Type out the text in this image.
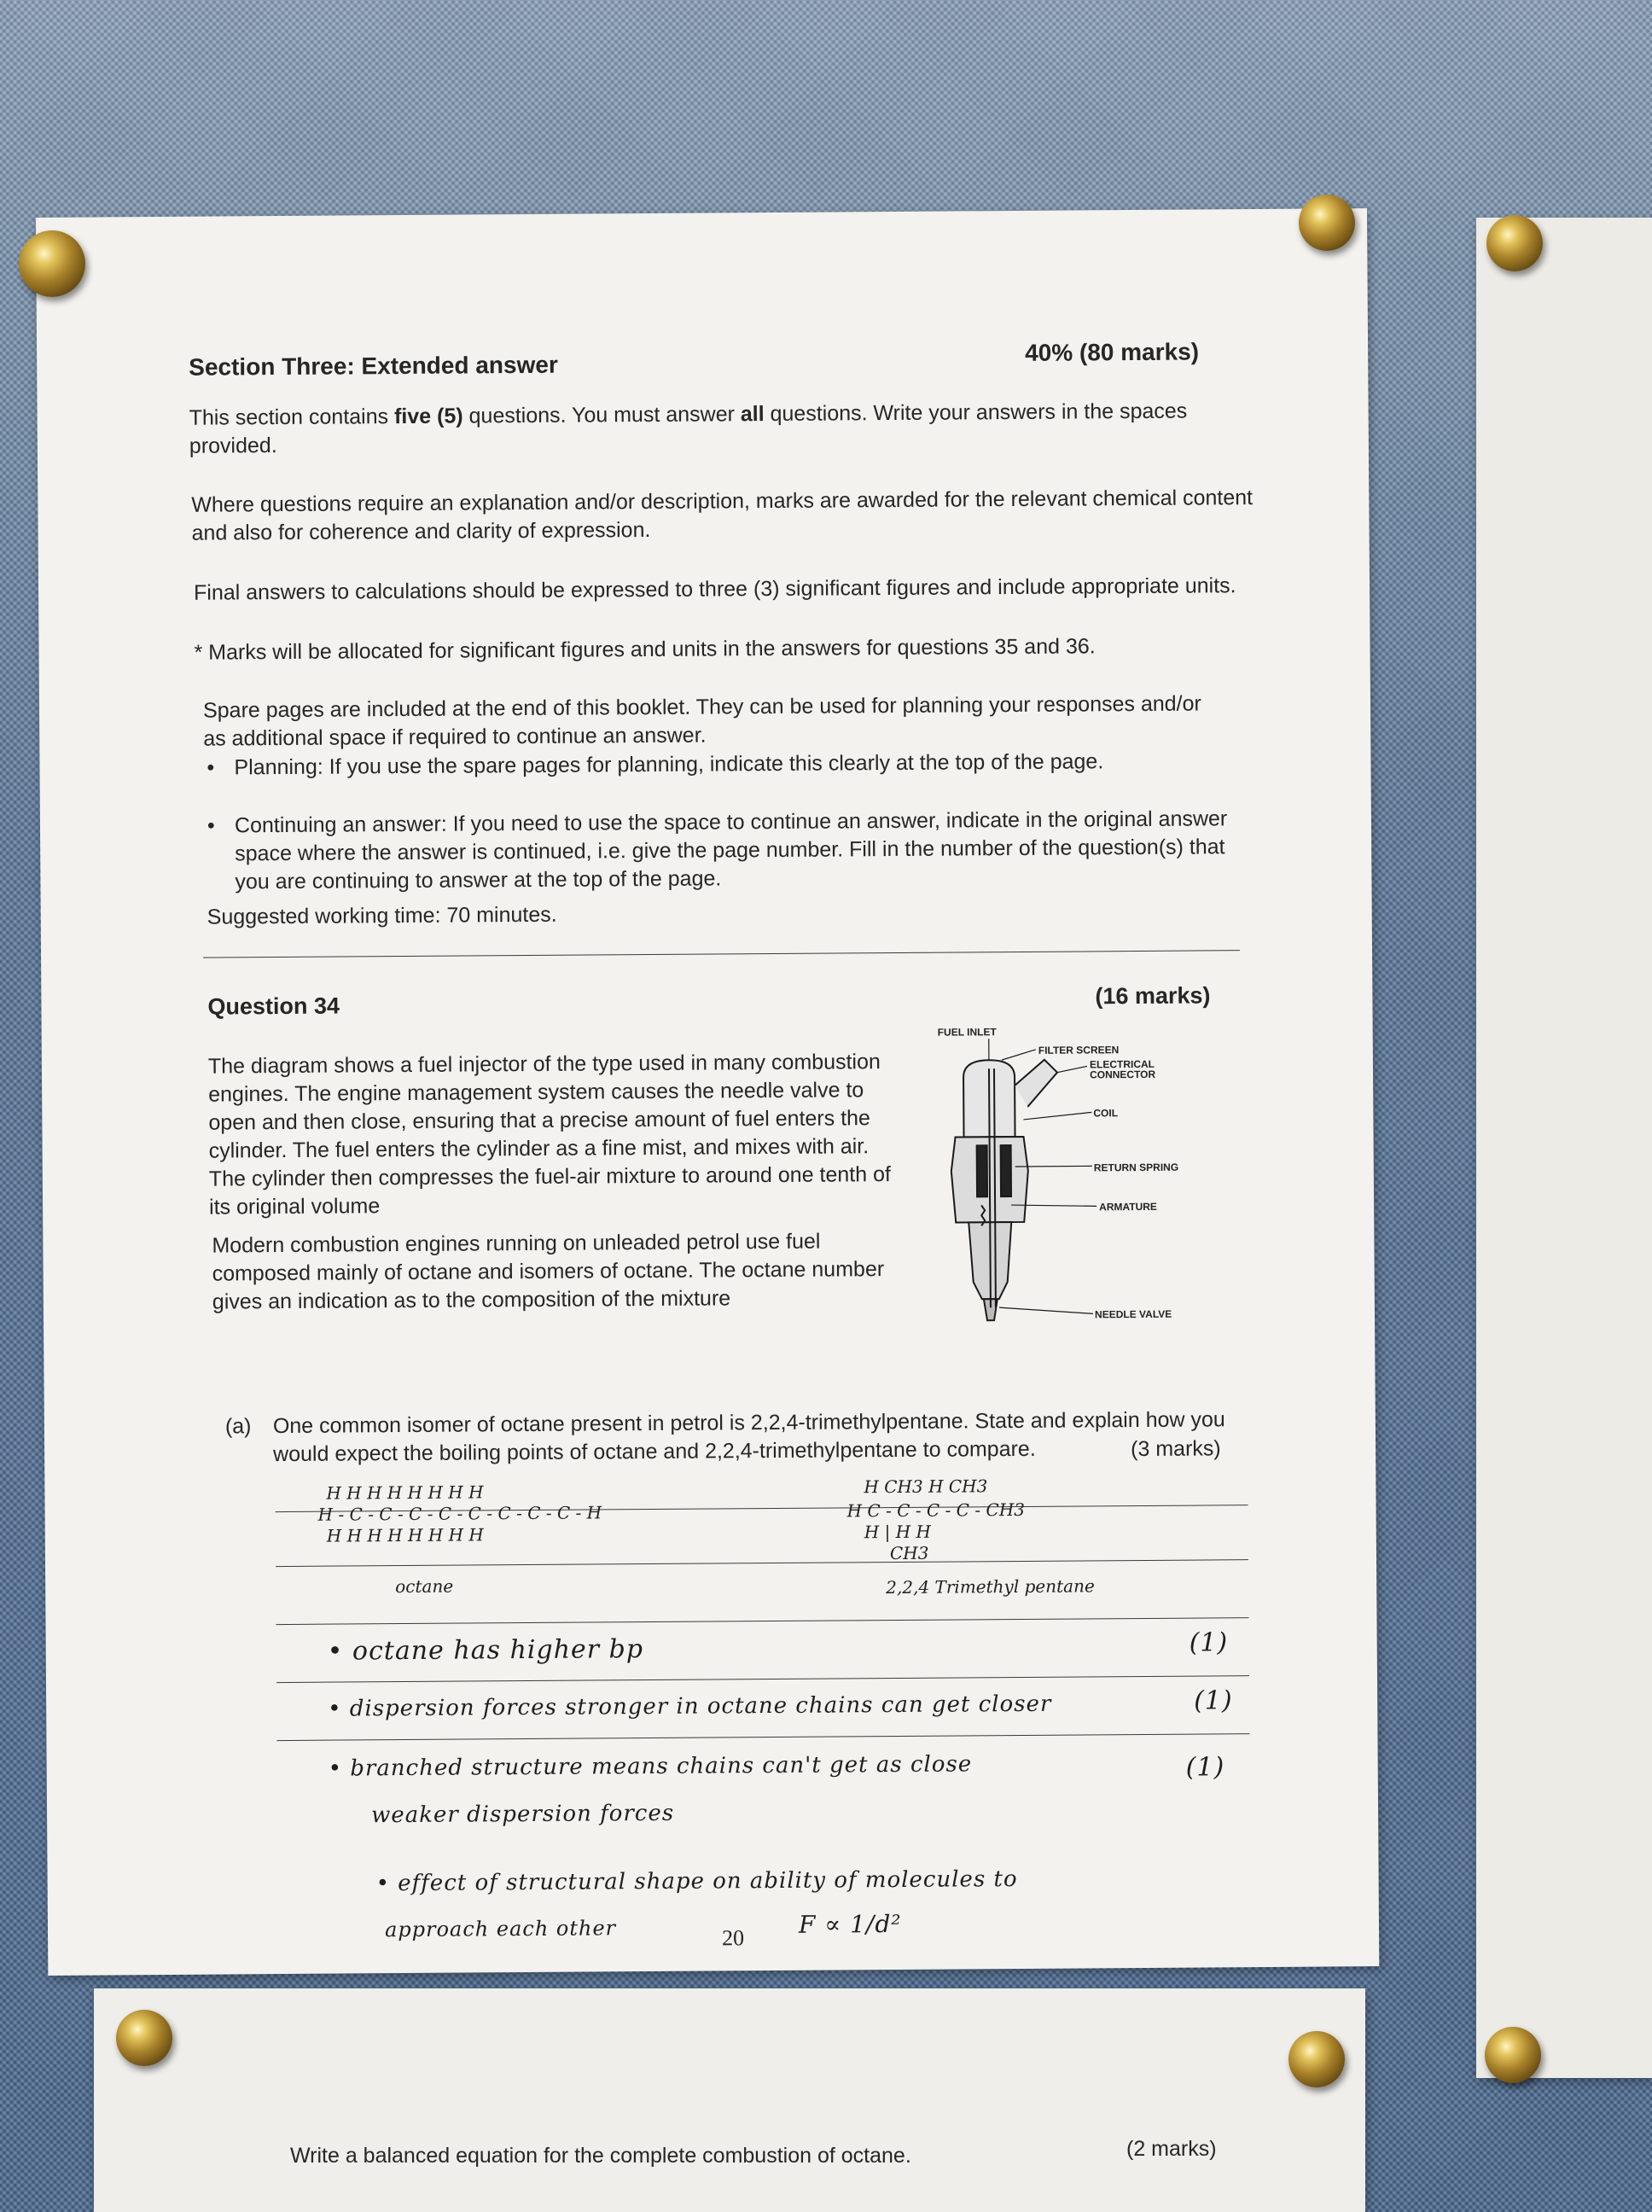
Write a balanced equation for the complete combustion of octane.	(2 marks)
Section Three: Extended answer	40% (80 marks)
This section contains five (5) questions. You must answer all questions. Write your answers in the spaces provided.
Where questions require an explanation and/or description, marks are awarded for the relevant chemical content and also for coherence and clarity of expression.
Final answers to calculations should be expressed to three (3) significant figures and include appropriate units.
* Marks will be allocated for significant figures and units in the answers for questions 35 and 36.
Spare pages are included at the end of this booklet. They can be used for planning your responses and/or as additional space if required to continue an answer.
• Planning: If you use the spare pages for planning, indicate this clearly at the top of the page.
• Continuing an answer: If you need to use the space to continue an answer, indicate in the original answer space where the answer is continued, i.e. give the page number. Fill in the number of the question(s) that you are continuing to answer at the top of the page.
Suggested working time: 70 minutes.
Question 34	(16 marks)
The diagram shows a fuel injector of the type used in many combustion engines. The engine management system causes the needle valve to open and then close, ensuring that a precise amount of fuel enters the cylinder. The fuel enters the cylinder as a fine mist, and mixes with air. The cylinder then compresses the fuel-air mixture to around one tenth of its original volume
Modern combustion engines running on unleaded petrol use fuel composed mainly of octane and isomers of octane. The octane number gives an indication as to the composition of the mixture
FUEL INLET
FILTER SCREEN
ELECTRICAL
CONNECTOR
COIL
RETURN SPRING
ARMATURE
NEEDLE VALVE
(a) One common isomer of octane present in petrol is 2,2,4-trimethylpentane. State and explain how you would expect the boiling points of octane and 2,2,4-trimethylpentane to compare.	(3 marks)
H H H H H H H H
H - C - C - C - C - C - C - C - C - H
H H H H H H H H
octane
H CH3 H CH3
H C - C - C - C - CH3
H | H H
CH3
2,2,4 Trimethyl pentane
• octane has higher bp	(1)
• dispersion forces stronger in octane chains can get closer	(1)
• branched structure means chains can't get as close	(1)
weaker dispersion forces
• effect of structural shape on ability of molecules to
approach each other	F ∝ 1/d²
20
